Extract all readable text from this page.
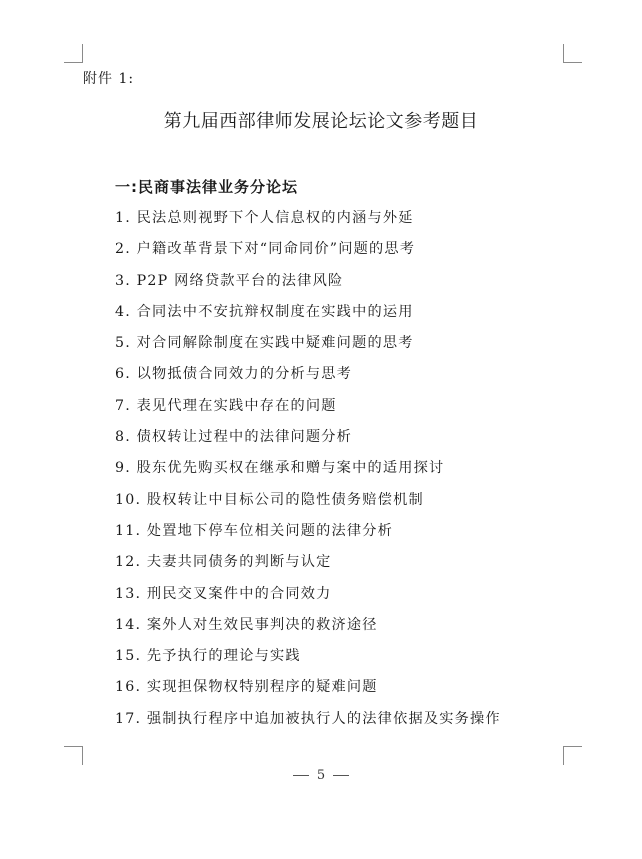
附件 1:
第九届西部律师发展论坛论文参考题目
一:民商事法律业务分论坛
1. 民法总则视野下个人信息权的内涵与外延
2. 户籍改革背景下对“同命同价”问题的思考
3. P2P 网络贷款平台的法律风险
4. 合同法中不安抗辩权制度在实践中的运用
5. 对合同解除制度在实践中疑难问题的思考
6. 以物抵债合同效力的分析与思考
7. 表见代理在实践中存在的问题
8. 债权转让过程中的法律问题分析
9. 股东优先购买权在继承和赠与案中的适用探讨
10. 股权转让中目标公司的隐性债务赔偿机制
11. 处置地下停车位相关问题的法律分析
12. 夫妻共同债务的判断与认定
13. 刑民交叉案件中的合同效力
14. 案外人对生效民事判决的救济途径
15. 先予执行的理论与实践
16. 实现担保物权特别程序的疑难问题
17. 强制执行程序中追加被执行人的法律依据及实务操作
5
